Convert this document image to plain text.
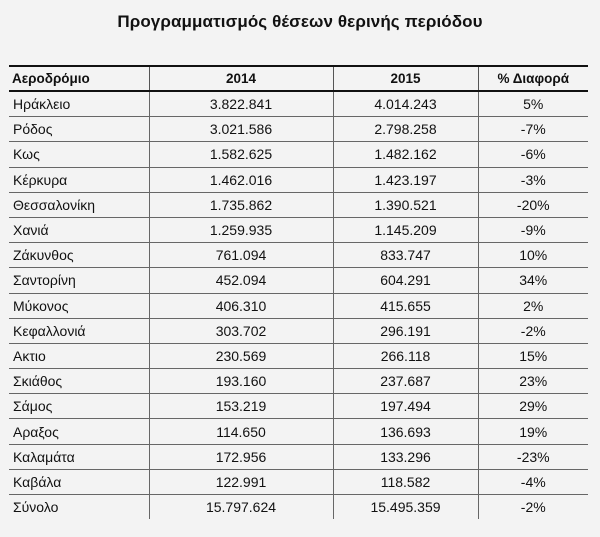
Προγραμματισμός θέσεων θερινής περιόδου
Αεροδρόμιο	2014	2015	% Διαφορά
Ηράκλειο	3.822.841	4.014.243	5%
Ρόδος	3.021.586	2.798.258	-7%
Κως	1.582.625	1.482.162	-6%
Κέρκυρα	1.462.016	1.423.197	-3%
Θεσσαλονίκη	1.735.862	1.390.521	-20%
Χανιά	1.259.935	1.145.209	-9%
Ζάκυνθος	761.094	833.747	10%
Σαντορίνη	452.094	604.291	34%
Μύκονος	406.310	415.655	2%
Κεφαλλονιά	303.702	296.191	-2%
Ακτιο	230.569	266.118	15%
Σκιάθος	193.160	237.687	23%
Σάμος	153.219	197.494	29%
Αραξος	114.650	136.693	19%
Καλαμάτα	172.956	133.296	-23%
Καβάλα	122.991	118.582	-4%
Σύνολο	15.797.624	15.495.359	-2%
